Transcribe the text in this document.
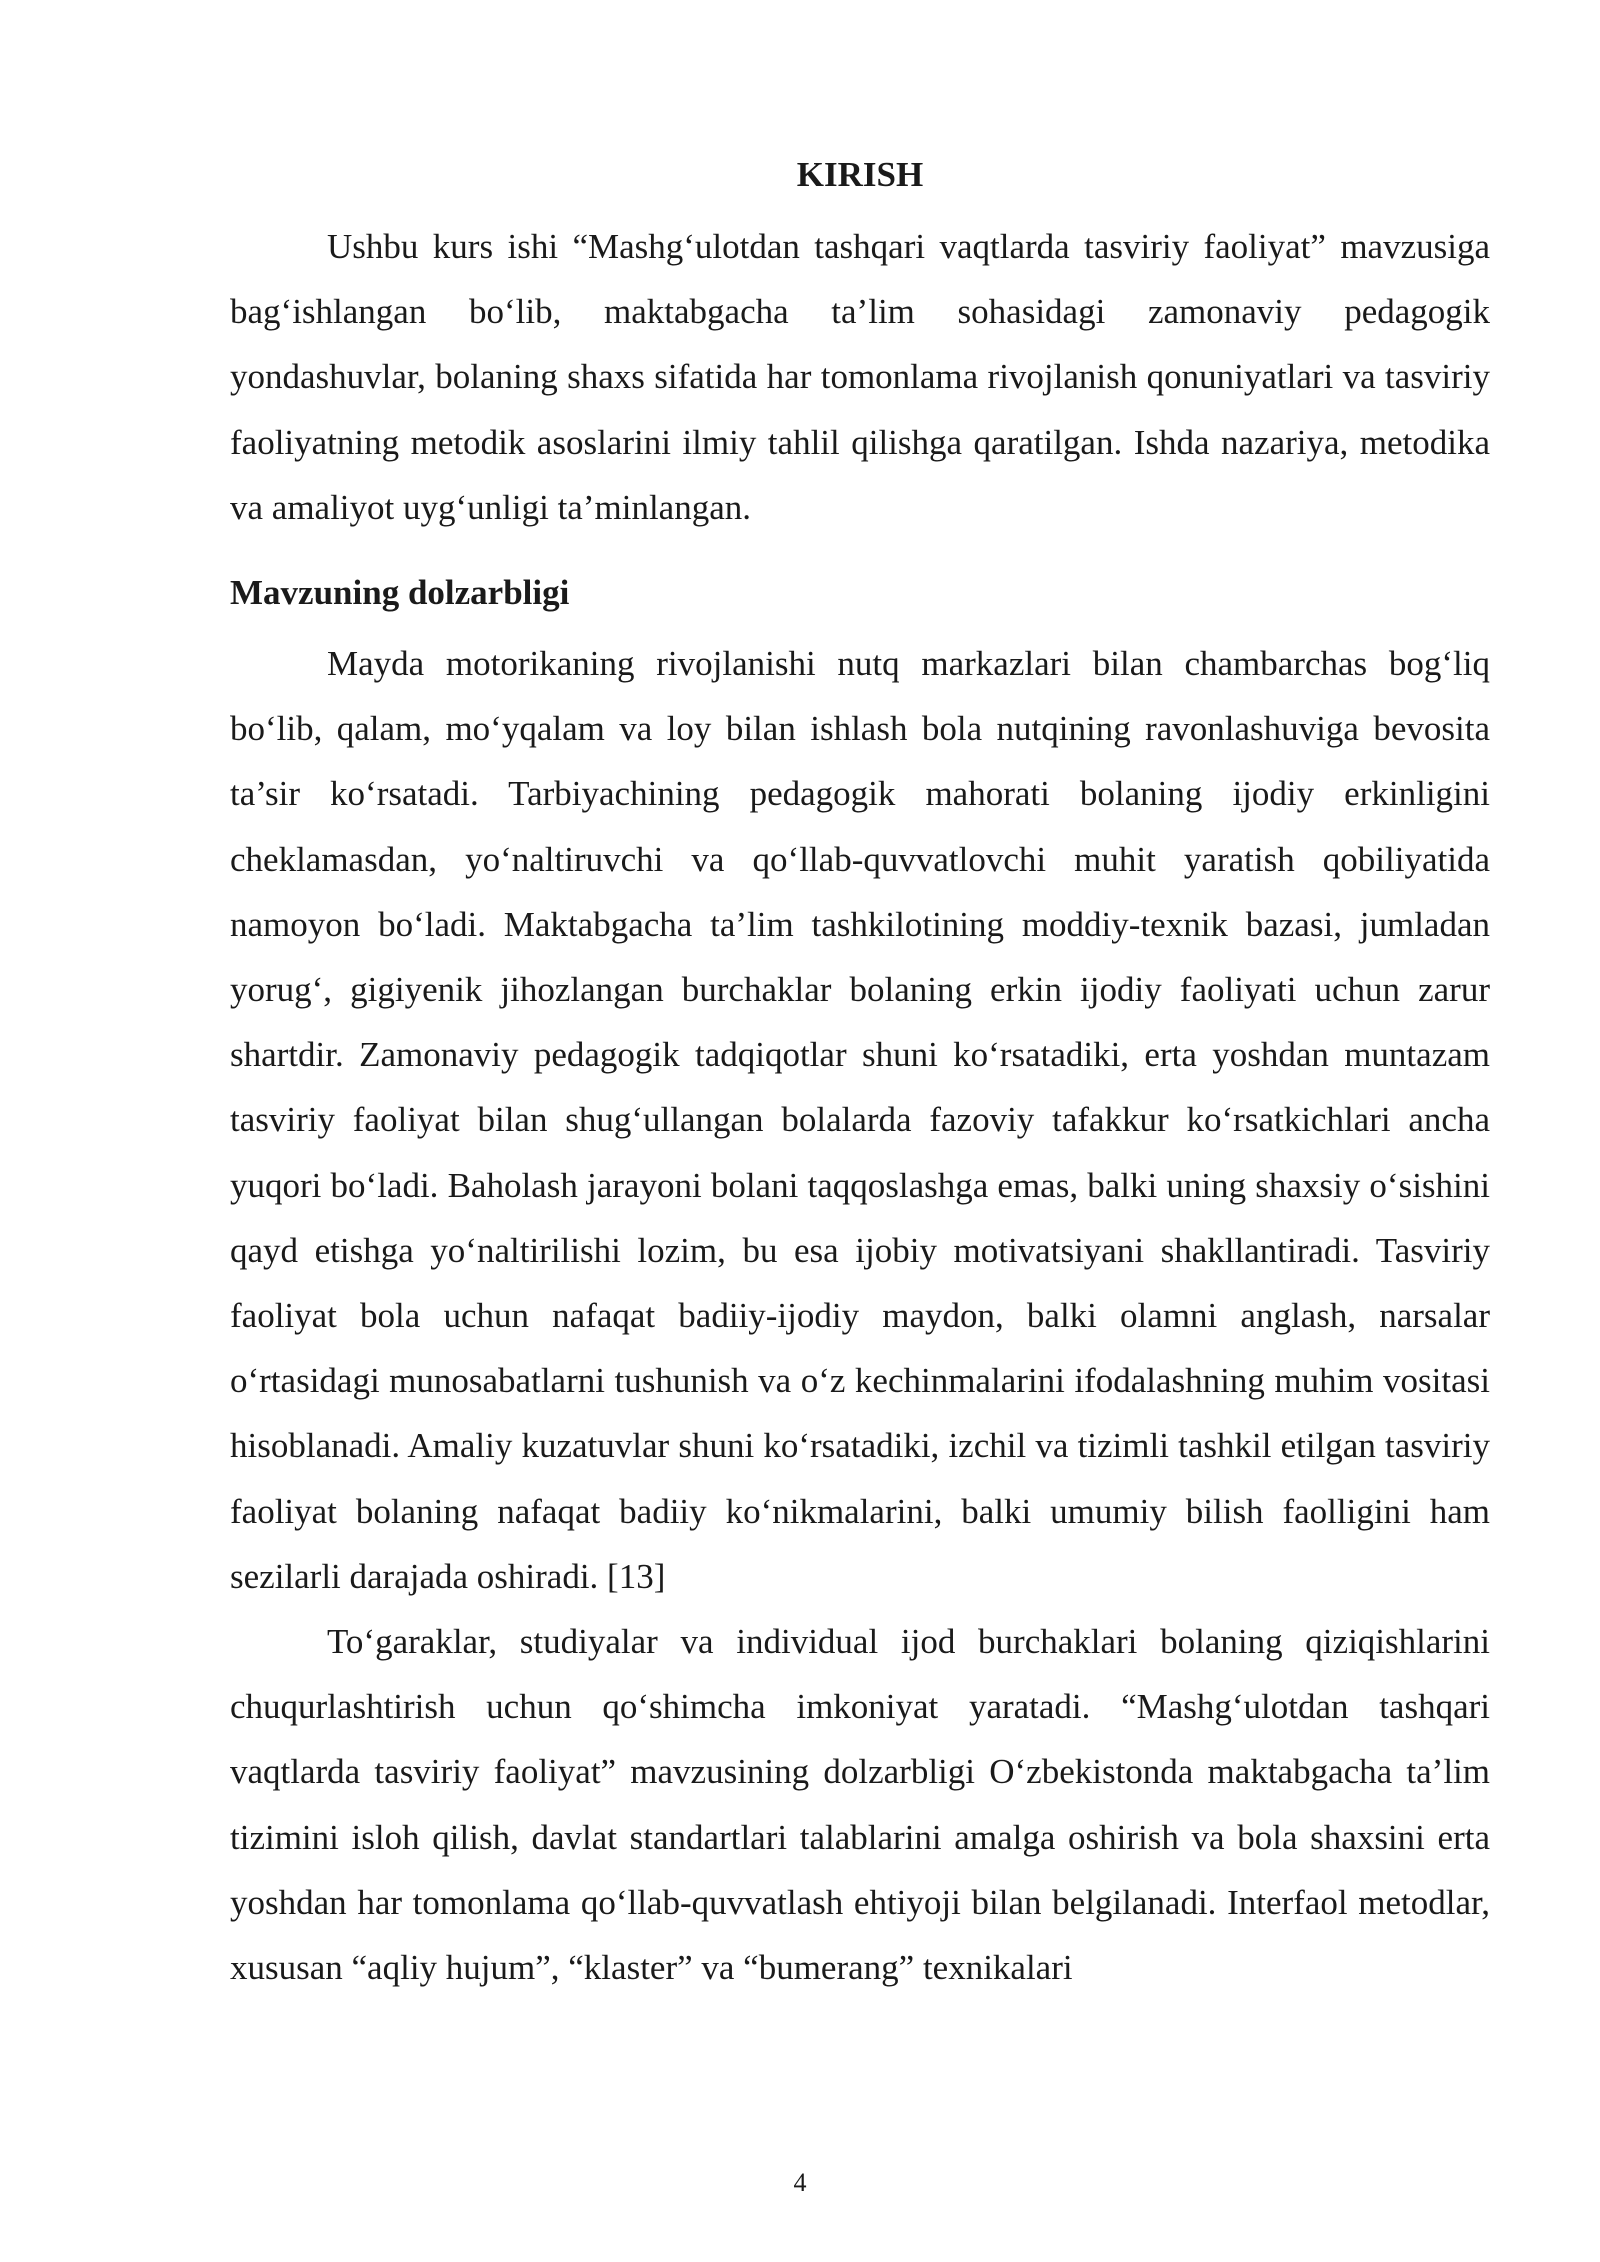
KIRISH

Ushbu kurs ishi “Mashg‘ulotdan tashqari vaqtlarda tasviriy faoliyat” mavzusiga bag‘ishlangan bo‘lib, maktabgacha ta’lim sohasidagi zamonaviy pedagogik yondashuvlar, bolaning shaxs sifatida har tomonlama rivojlanish qonuniyatlari va tasviriy faoliyatning metodik asoslarini ilmiy tahlil qilishga qaratilgan. Ishda nazariya, metodika va amaliyot uyg‘unligi ta’minlangan.

Mavzuning dolzarbligi

Mayda motorikaning rivojlanishi nutq markazlari bilan chambarchas bog‘liq bo‘lib, qalam, mo‘yqalam va loy bilan ishlash bola nutqining ravonlashuviga bevosita ta’sir ko‘rsatadi. Tarbiyachining pedagogik mahorati bolaning ijodiy erkinligini cheklamasdan, yo‘naltiruvchi va qo‘llab-quvvatlovchi muhit yaratish qobiliyatida namoyon bo‘ladi. Maktabgacha ta’lim tashkilotining moddiy-texnik bazasi, jumladan yorug‘, gigiyenik jihozlangan burchaklar bolaning erkin ijodiy faoliyati uchun zarur shartdir. Zamonaviy pedagogik tadqiqotlar shuni ko‘rsatadiki, erta yoshdan muntazam tasviriy faoliyat bilan shug‘ullangan bolalarda fazoviy tafakkur ko‘rsatkichlari ancha yuqori bo‘ladi. Baholash jarayoni bolani taqqoslashga emas, balki uning shaxsiy o‘sishini qayd etishga yo‘naltirilishi lozim, bu esa ijobiy motivatsiyani shakllantiradi. Tasviriy faoliyat bola uchun nafaqat badiiy-ijodiy maydon, balki olamni anglash, narsalar o‘rtasidagi munosabatlarni tushunish va o‘z kechinmalarini ifodalashning muhim vositasi hisoblanadi. Amaliy kuzatuvlar shuni ko‘rsatadiki, izchil va tizimli tashkil etilgan tasviriy faoliyat bolaning nafaqat badiiy ko‘nikmalarini, balki umumiy bilish faolligini ham sezilarli darajada oshiradi. [13]

To‘garaklar, studiyalar va individual ijod burchaklari bolaning qiziqishlarini chuqurlashtirish uchun qo‘shimcha imkoniyat yaratadi. “Mashg‘ulotdan tashqari vaqtlarda tasviriy faoliyat” mavzusining dolzarbligi O‘zbekistonda maktabgacha ta’lim tizimini isloh qilish, davlat standartlari talablarini amalga oshirish va bola shaxsini erta yoshdan har tomonlama qo‘llab-quvvatlash ehtiyoji bilan belgilanadi. Interfaol metodlar, xususan “aqliy hujum”, “klaster” va “bumerang” texnikalari

4
